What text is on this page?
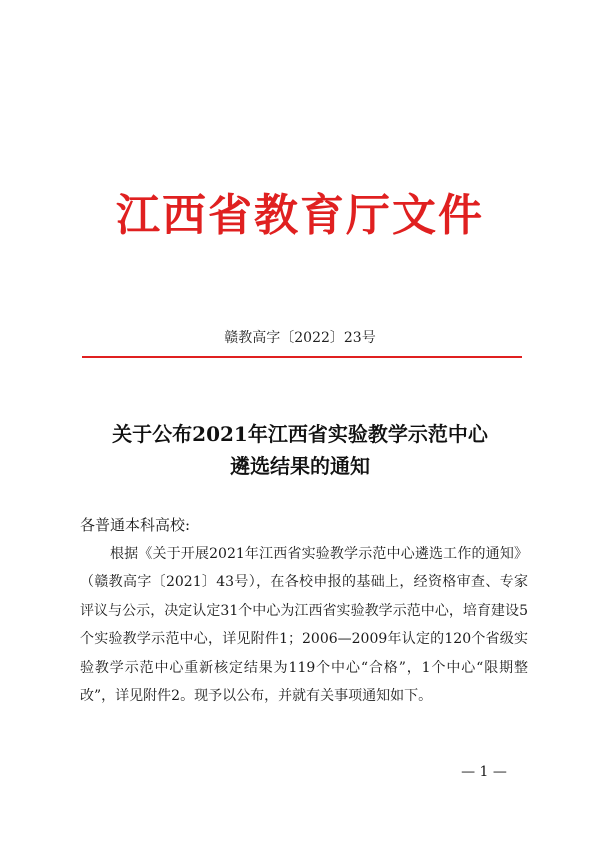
江西省教育厅文件
赣教高字〔2022〕23号
关于公布2021年江西省实验教学示范中心
遴选结果的通知
各普通本科高校:
根据《关于开展2021年江西省实验教学示范中心遴选工作的通知》（赣教高字〔2021〕43号），在各校申报的基础上，经资格审查、专家评议与公示，决定认定31个中心为江西省实验教学示范中心，培育建设5个实验教学示范中心，详见附件1；2006—2009年认定的120个省级实验教学示范中心重新核定结果为119个中心“合格”，1个中心“限期整改”，详见附件2。现予以公布，并就有关事项通知如下。
— 1 —
